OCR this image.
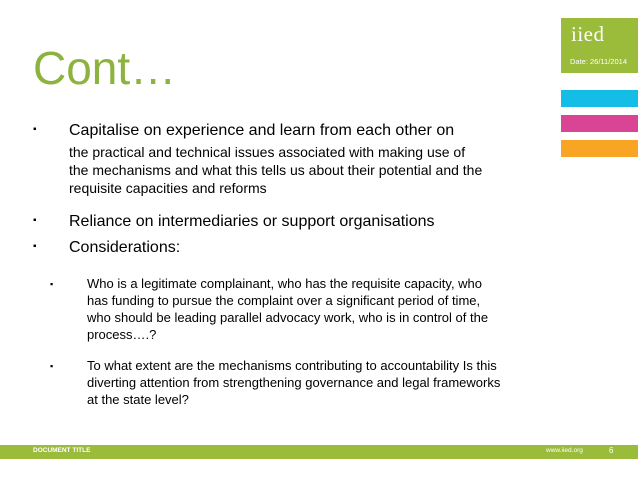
Cont…
iied
Date: 26/11/2014
▪ Capitalise on experience and learn from each other on
the practical and technical issues associated with making use of
the mechanisms and what this tells us about their potential and the
requisite capacities and reforms
▪ Reliance on intermediaries or support organisations
▪ Considerations:
▪	Who is a legitimate complainant, who has the requisite capacity, who
has funding to pursue the complaint over a significant period of time,
who should be leading parallel advocacy work, who is in control of the
process….?
▪	To what extent are the mechanisms contributing to accountability Is this
diverting attention from strengthening governance and legal frameworks
at the state level?
DOCUMENT TITLE	www.iied.org	6
